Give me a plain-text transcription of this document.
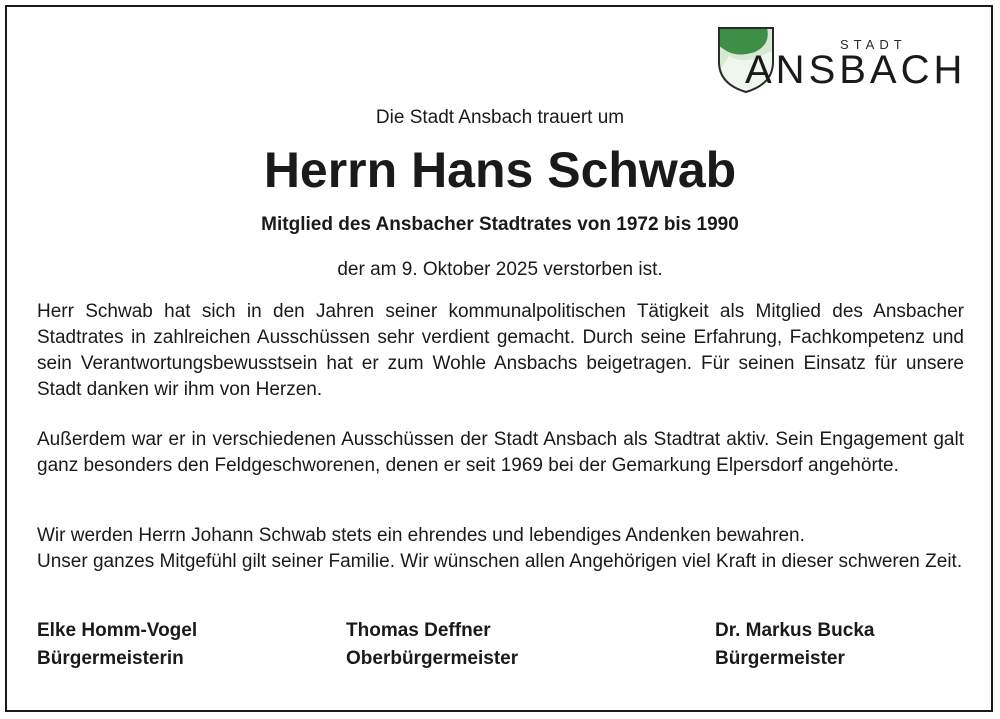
STADT
ANSBACH
Die Stadt Ansbach trauert um
Herrn Hans Schwab
Mitglied des Ansbacher Stadtrates von 1972 bis 1990
der am 9. Oktober 2025 verstorben ist.
Herr Schwab hat sich in den Jahren seiner kommunalpolitischen Tätigkeit als Mitglied des Ansbacher Stadtrates in zahlreichen Ausschüssen sehr verdient gemacht. Durch seine Erfahrung, Fachkompetenz und sein Verantwortungsbewusstsein hat er zum Wohle Ansbachs beigetragen. Für seinen Einsatz für unsere Stadt danken wir ihm von Herzen.
Außerdem war er in verschiedenen Ausschüssen der Stadt Ansbach als Stadtrat aktiv. Sein Engagement galt ganz besonders den Feldgeschworenen, denen er seit 1969 bei der Gemarkung Elpersdorf angehörte.
Wir werden Herrn Johann Schwab stets ein ehrendes und lebendiges Andenken bewahren.
Unser ganzes Mitgefühl gilt seiner Familie. Wir wünschen allen Angehörigen viel Kraft in dieser schweren Zeit.
Elke Homm-Vogel
Bürgermeisterin
Thomas Deffner
Oberbürgermeister
Dr. Markus Bucka
Bürgermeister
